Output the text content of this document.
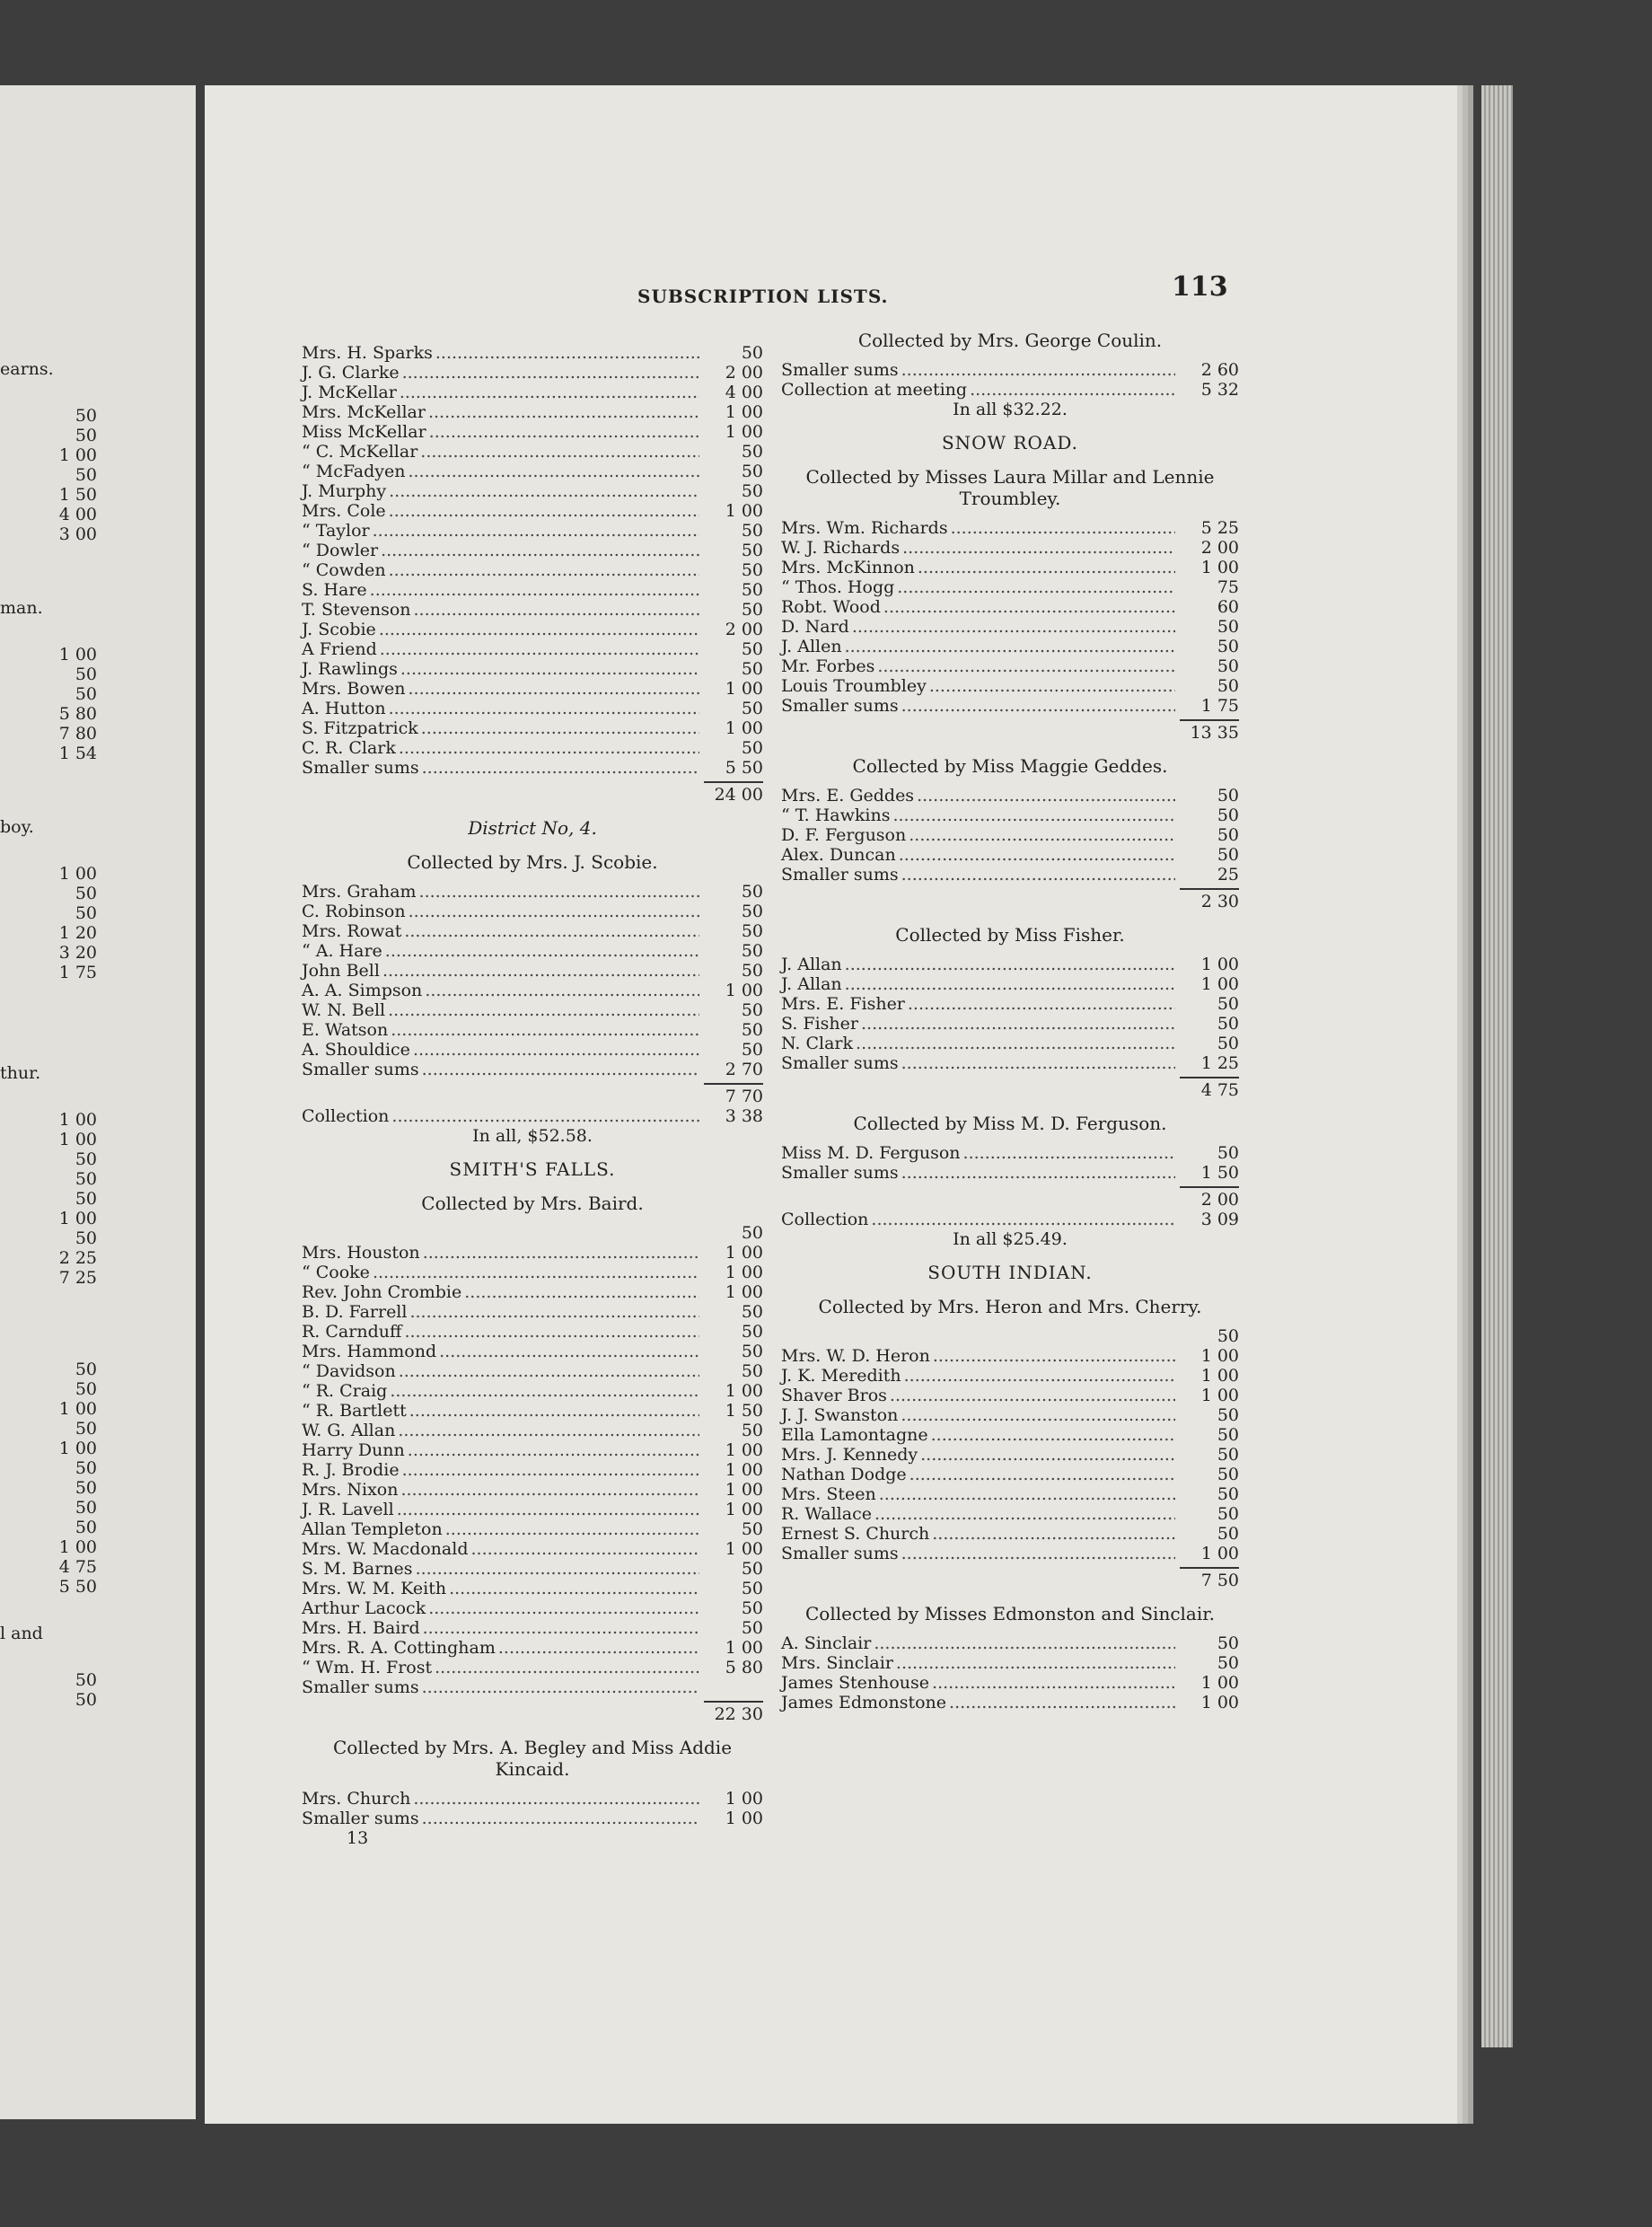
SUBSCRIPTION LISTS.	113
Mrs. H. Sparks .....	50
J. G. Clarke .....	2 00
J. McKellar .....	4 00
Mrs. McKellar .....	1 00
Miss McKellar .....	1 00
“ C. McKellar .....	50
“ McFadyen .....	50
J. Murphy .....	50
Mrs. Cole .....	1 00
“ Taylor .....	50
“ Dowler .....	50
“ Cowden .....	50
S. Hare .....	50
T. Stevenson .....	50
J. Scobie .....	2 00
A Friend .....	50
J. Rawlings .....	50
Mrs. Bowen .....	1 00
A. Hutton .....	50
S. Fitzpatrick .....	1 00
C. R. Clark .....	50
Smaller sums .....	5 50
24 00
District No, 4.
Collected by Mrs. J. Scobie.
Mrs. Graham .....	50
C. Robinson .....	50
Mrs. Rowat .....	50
“ A. Hare .....	50
John Bell .....	50
A. A. Simpson .....	1 00
W. N. Bell .....	50
E. Watson .....	50
A. Shouldice .....	50
Smaller sums .....	2 70
7 70
Collection .....	3 38
In all, $52.58.
SMITH'S FALLS.
Collected by Mrs. Baird.
50
Mrs. Houston .....	1 00
“ Cooke .....	1 00
Rev. John Crombie .....	1 00
B. D. Farrell .....	50
R. Carnduff .....	50
Mrs. Hammond .....	50
“ Davidson .....	50
“ R. Craig .....	1 00
“ R. Bartlett .....	1 50
W. G. Allan .....	50
Harry Dunn .....	1 00
R. J. Brodie .....	1 00
Mrs. Nixon .....	1 00
J. R. Lavell .....	1 00
Allan Templeton .....	50
Mrs. W. Macdonald .....	1 00
S. M. Barnes .....	50
Mrs. W. M. Keith .....	50
Arthur Lacock .....	50
Mrs. H. Baird .....	50
Mrs. R. A. Cottingham .....	1 00
“ Wm. H. Frost .....	5 80
Smaller sums
.....
22 30
Collected by Mrs. A. Begley and Miss Addie Kincaid.
Mrs. Church .....	1 00
Smaller sums .....	1 00
13
Collected by Mrs. George Coulin.
Smaller sums .....	2 60
Collection at meeting .....	5 32
In all $32.22.
SNOW ROAD.
Collected by Misses Laura Millar and Lennie Troumbley.
Mrs. Wm. Richards .....	5 25
W. J. Richards .....	2 00
Mrs. McKinnon .....	1 00
“ Thos. Hogg .....	75
Robt. Wood .....	60
D. Nard .....	50
J. Allen .....	50
Mr. Forbes .....	50
Louis Troumbley .....	50
Smaller sums .....	1 75
13 35
Collected by Miss Maggie Geddes.
Mrs. E. Geddes .....	50
“ T. Hawkins .....	50
D. F. Ferguson .....	50
Alex. Duncan .....	50
Smaller sums .....	25
2 30
Collected by Miss Fisher.
J. Allan .....	1 00
J. Allan .....	1 00
Mrs. E. Fisher .....	50
S. Fisher .....	50
N. Clark .....	50
Smaller sums .....	1 25
4 75
Collected by Miss M. D. Ferguson.
Miss M. D. Ferguson .....	50
Smaller sums .....	1 50
2 00
Collection .....	3 09
In all $25.49.
SOUTH INDIAN.
Collected by Mrs. Heron and Mrs. Cherry.
50
Mrs. W. D. Heron .....	1 00
J. K. Meredith .....	1 00
Shaver Bros .....	1 00
J. J. Swanston .....	50
Ella Lamontagne .....	50
Mrs. J. Kennedy .....	50
Nathan Dodge .....	50
Mrs. Steen .....	50
R. Wallace .....	50
Ernest S. Church .....	50
Smaller sums .....	1 00
7 50
Collected by Misses Edmonston and Sinclair.
A. Sinclair .....	50
Mrs. Sinclair .....	50
James Stenhouse .....	1 00
James Edmonstone .....	1 00
earns.
50
50
1 00
50
1 50
4 00
3 00
man.
1 00
50
50
5 80
7 80
1 54
boy.
1 00
50
50
1 20
3 20
1 75
thur.
1 00
1 00
50
50
50
1 00
50
2 25
7 25
50
50
1 00
50
1 00
50
50
50
50
1 00
4 75
5 50
l and
50
50
